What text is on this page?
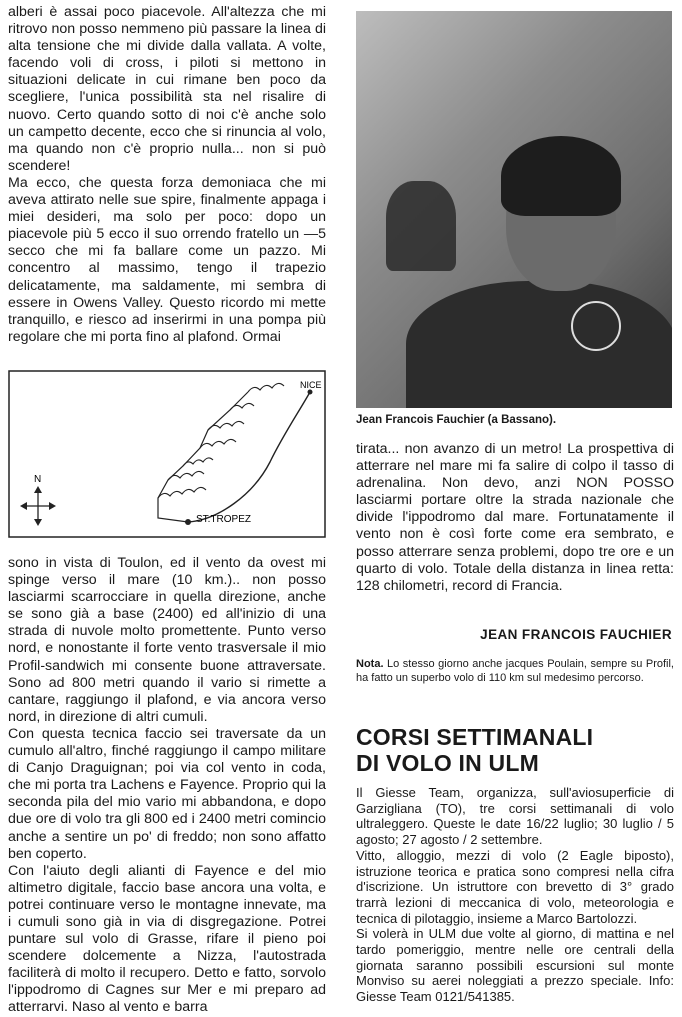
alberi è assai poco piacevole. All'altezza che mi ritrovo non posso nemmeno più passare la linea di alta tensione che mi divide dalla vallata. A volte, facendo voli di cross, i piloti si mettono in situazioni delicate in cui rimane ben poco da scegliere, l'unica possibilità sta nel risalire di nuovo. Certo quando sotto di noi c'è anche solo un campetto decente, ecco che si rinuncia al volo, ma quando non c'è proprio nulla... non si può scendere!

Ma ecco, che questa forza demoniaca che mi aveva attirato nelle sue spire, finalmente appaga i miei desideri, ma solo per poco: dopo un piacevole più 5 ecco il suo orrendo fratello un —5 secco che mi fa ballare come un pazzo. Mi concentro al massimo, tengo il trapezio delicatamente, ma saldamente, mi sembra di essere in Owens Valley. Questo ricordo mi mette tranquillo, e riesco ad inserirmi in una pompa più regolare che mi porta fino al plafond. Ormai

NICE
ST.TROPEZ
N

sono in vista di Toulon, ed il vento da ovest mi spinge verso il mare (10 km.).. non posso lasciarmi scarrocciare in quella direzione, anche se sono già a base (2400) ed all'inizio di una strada di nuvole molto promettente. Punto verso nord, e nonostante il forte vento trasversale il mio Profil-sandwich mi consente buone attraversate. Sono ad 800 metri quando il vario si rimette a cantare, raggiungo il plafond, e via ancora verso nord, in direzione di altri cumuli.

Con questa tecnica faccio sei traversate da un cumulo all'altro, finché raggiungo il campo militare di Canjo Draguignan; poi via col vento in coda, che mi porta tra Lachens e Fayence. Proprio qui la seconda pila del mio vario mi abbandona, e dopo due ore di volo tra gli 800 ed i 2400 metri comincio anche a sentire un po' di freddo; non sono affatto ben coperto.

Con l'aiuto degli alianti di Fayence e del mio altimetro digitale, faccio base ancora una volta, e potrei continuare verso le montagne innevate, ma i cumuli sono già in via di disgregazione. Potrei puntare sul volo di Grasse, rifare il pieno poi scendere dolcemente a Nizza, l'autostrada faciliterà di molto il recupero. Detto e fatto, sorvolo l'ippodromo di Cagnes sur Mer e mi preparo ad atterrarvi. Naso al vento e barra

Jean Francois Fauchier (a Bassano).

tirata... non avanzo di un metro! La prospettiva di atterrare nel mare mi fa salire di colpo il tasso di adrenalina. Non devo, anzi NON POSSO lasciarmi portare oltre la strada nazionale che divide l'ippodromo dal mare. Fortunatamente il vento non è così forte come era sembrato, e posso atterrare senza problemi, dopo tre ore e un quarto di volo. Totale della distanza in linea retta: 128 chilometri, record di Francia.

JEAN FRANCOIS FAUCHIER
Nota. Lo stesso giorno anche jacques Poulain, sempre su Profil, ha fatto un superbo volo di 110 km sul medesimo percorso.
CORSI SETTIMANALI
DI VOLO IN ULM

Il Giesse Team, organizza, sull'aviosuperficie di Garzigliana (TO), tre corsi settimanali di volo ultraleggero. Queste le date 16/22 luglio; 30 luglio / 5 agosto; 27 agosto / 2 settembre.

Vitto, alloggio, mezzi di volo (2 Eagle biposto), istruzione teorica e pratica sono compresi nella cifra d'iscrizione. Un istruttore con brevetto di 3° grado trarrà lezioni di meccanica di volo, meteorologia e tecnica di pilotaggio, insieme a Marco Bartolozzi.

Si volerà in ULM due volte al giorno, di mattina e nel tardo pomeriggio, mentre nelle ore centrali della giornata saranno possibili escursioni sul monte Monviso su aerei noleggiati a prezzo speciale. Info: Giesse Team 0121/541385.
